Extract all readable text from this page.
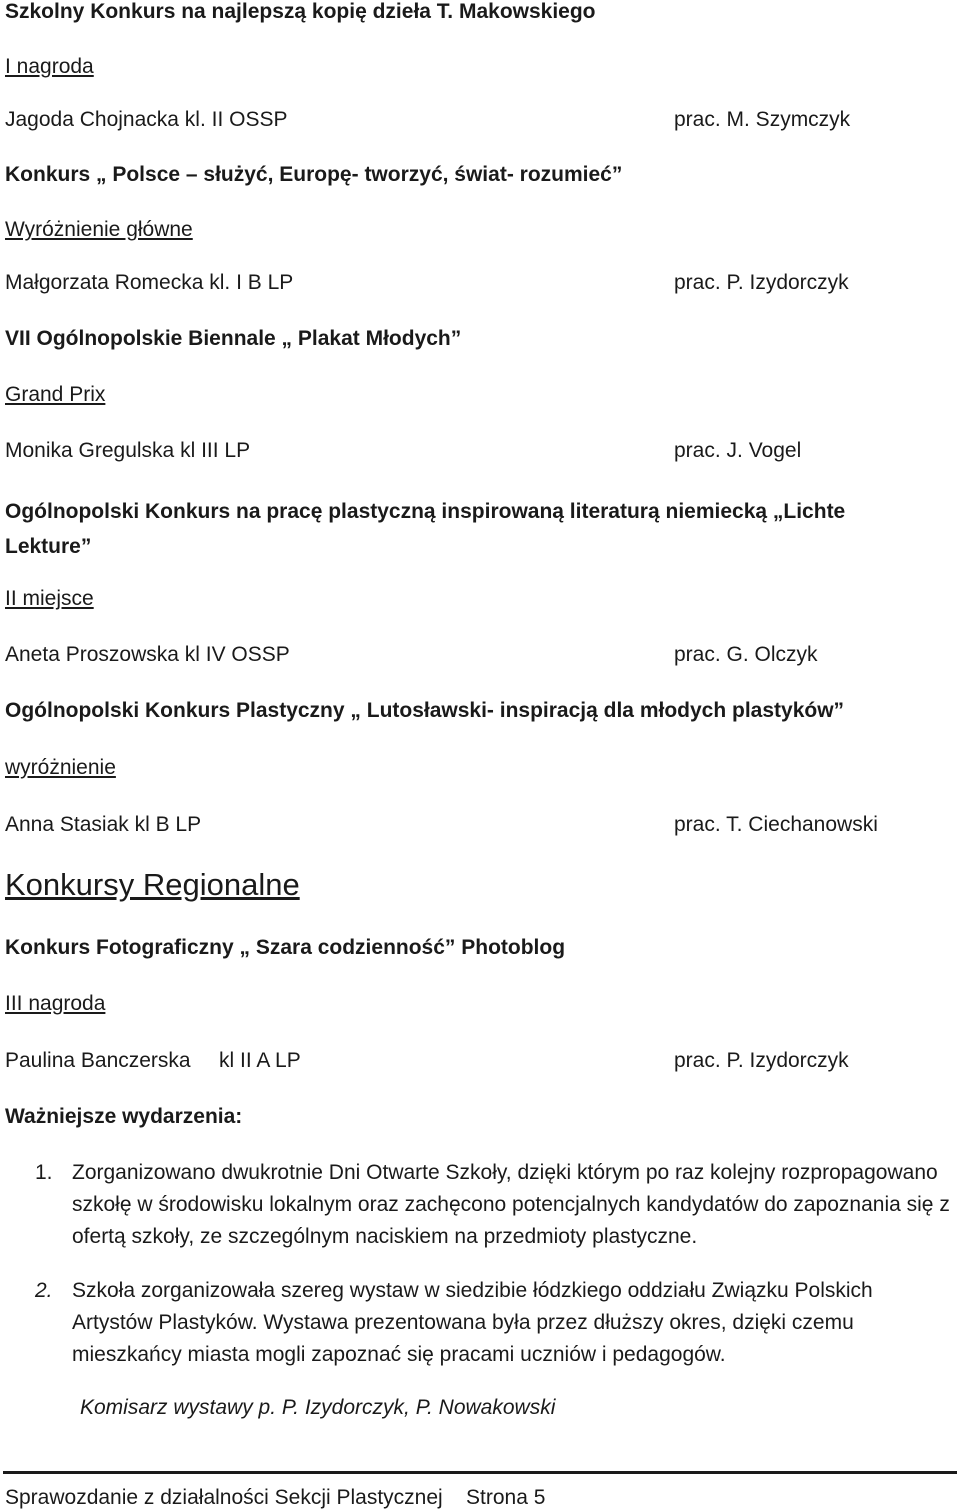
Szkolny Konkurs na najlepszą kopię dzieła T. Makowskiego
I nagroda
Jagoda Chojnacka kl. II OSSP	prac. M. Szymczyk
Konkurs „ Polsce – służyć, Europę- tworzyć, świat- rozumieć”
Wyróżnienie główne
Małgorzata Romecka kl. I B LP	prac. P. Izydorczyk
VII Ogólnopolskie Biennale „ Plakat Młodych”
Grand Prix
Monika Gregulska kl III LP	prac. J. Vogel
Ogólnopolski Konkurs na pracę plastyczną inspirowaną literaturą niemiecką „Lichte Lekture”
II miejsce
Aneta Proszowska kl IV OSSP	prac. G. Olczyk
Ogólnopolski Konkurs Plastyczny „ Lutosławski- inspiracją dla młodych plastyków”
wyróżnienie
Anna Stasiak kl B LP	prac. T. Ciechanowski
Konkursy Regionalne
Konkurs Fotograficzny „ Szara codzienność” Photoblog
III nagroda
Paulina Banczerska kl II A LP	prac. P. Izydorczyk
Ważniejsze wydarzenia:
1. Zorganizowano dwukrotnie Dni Otwarte Szkoły, dzięki którym po raz kolejny rozpropagowano szkołę w środowisku lokalnym oraz zachęcono potencjalnych kandydatów do zapoznania się z ofertą szkoły, ze szczególnym naciskiem na przedmioty plastyczne.
2. Szkoła zorganizowała szereg wystaw w siedzibie łódzkiego oddziału Związku Polskich Artystów Plastyków. Wystawa prezentowana była przez dłuższy okres, dzięki czemu mieszkańcy miasta mogli zapoznać się pracami uczniów i pedagogów.
Komisarz wystawy p. P. Izydorczyk, P. Nowakowski
Sprawozdanie z działalności Sekcji Plastycznej    Strona 5
